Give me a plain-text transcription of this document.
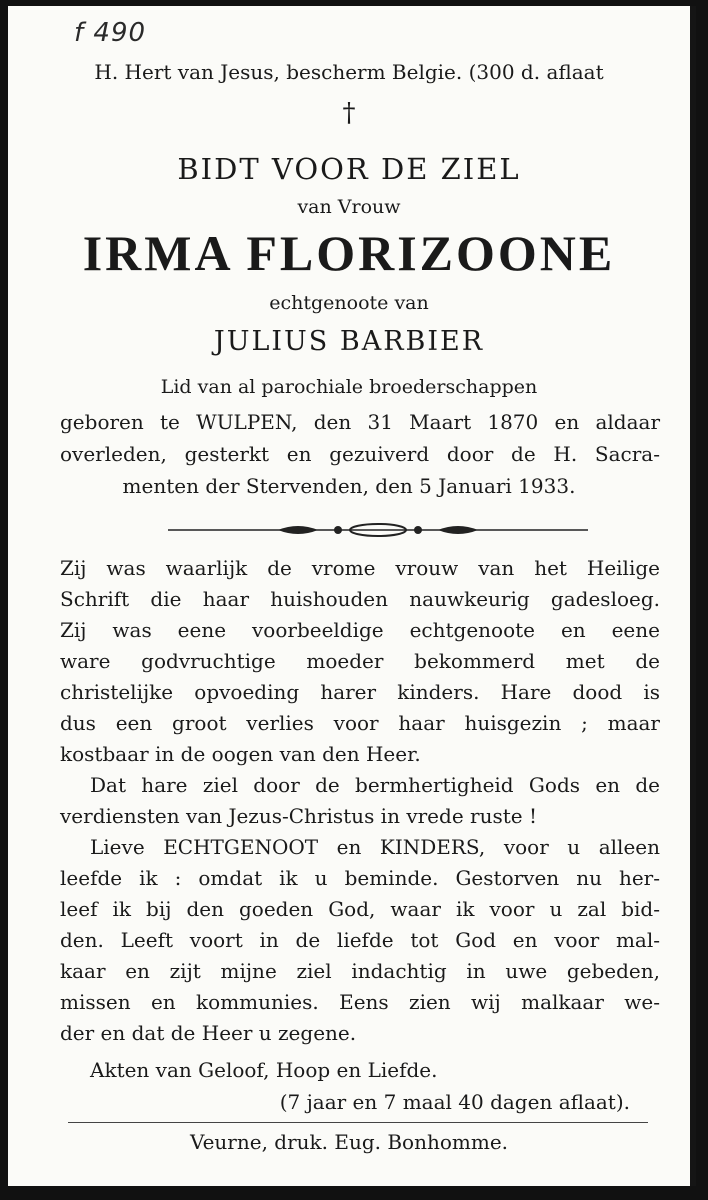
f 490
H. Hert van Jesus, bescherm Belgie. (300 d. aflaat
†
BIDT VOOR DE ZIEL
van Vrouw
IRMA FLORIZOONE
echtgenoote van
JULIUS BARBIER
Lid van al parochiale broederschappen
geboren te WULPEN, den 31 Maart 1870 en aldaar
overleden, gesterkt en gezuiverd door de H. Sacra-
menten der Stervenden, den 5 Januari 1933.
Zij was waarlijk de vrome vrouw van het Heilige
Schrift die haar huishouden nauwkeurig gadesloeg.
Zij was eene voorbeeldige echtgenoote en eene
ware godvruchtige moeder bekommerd met de
christelijke opvoeding harer kinders. Hare dood is
dus een groot verlies voor haar huisgezin ; maar
kostbaar in de oogen van den Heer.
Dat hare ziel door de bermhertigheid Gods en de
verdiensten van Jezus-Christus in vrede ruste !
Lieve ECHTGENOOT en KINDERS, voor u alleen
leefde ik : omdat ik u beminde. Gestorven nu her-
leef ik bij den goeden God, waar ik voor u zal bid-
den. Leeft voort in de liefde tot God en voor mal-
kaar en zijt mijne ziel indachtig in uwe gebeden,
missen en kommunies. Eens zien wij malkaar we-
der en dat de Heer u zegene.
Akten van Geloof, Hoop en Liefde.
(7 jaar en 7 maal 40 dagen aflaat).
Veurne, druk. Eug. Bonhomme.
